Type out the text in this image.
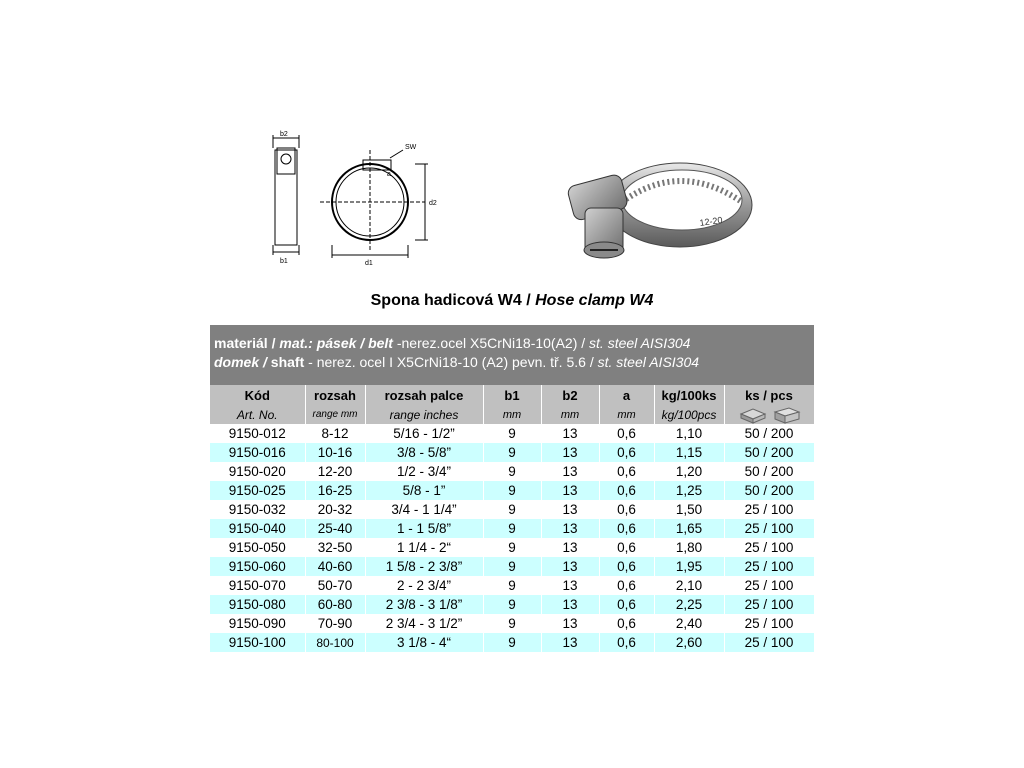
b2
SW
a
d2
b1	d1
12-20
Spona hadicová W4 / Hose clamp W4
materiál / mat.: pásek / belt -nerez.ocel X5CrNi18-10(A2) / st. steel AISI304
domek / shaft - nerez. ocel I X5CrNi18-10 (A2) pevn. tř. 5.6 / st. steel AISI304
Kód	rozsah	rozsah palce	b1	b2	a	kg/100ks	ks / pcs
Art. No.	range mm	range inches	mm	mm	mm	kg/100pcs	
9150-012	8-12	5/16 - 1/2”	9	13	0,6	1,10	50 / 200
9150-016	10-16	3/8 - 5/8”	9	13	0,6	1,15	50 / 200
9150-020	12-20	1/2 - 3/4”	9	13	0,6	1,20	50 / 200
9150-025	16-25	5/8 - 1”	9	13	0,6	1,25	50 / 200
9150-032	20-32	3/4 - 1 1/4”	9	13	0,6	1,50	25 / 100
9150-040	25-40	1 - 1 5/8”	9	13	0,6	1,65	25 / 100
9150-050	32-50	1 1/4 - 2“	9	13	0,6	1,80	25 / 100
9150-060	40-60	1 5/8 - 2 3/8”	9	13	0,6	1,95	25 / 100
9150-070	50-70	2 - 2 3/4”	9	13	0,6	2,10	25 / 100
9150-080	60-80	2 3/8 - 3 1/8”	9	13	0,6	2,25	25 / 100
9150-090	70-90	2 3/4 - 3 1/2”	9	13	0,6	2,40	25 / 100
9150-100	80-100	3 1/8 - 4“	9	13	0,6	2,60	25 / 100
